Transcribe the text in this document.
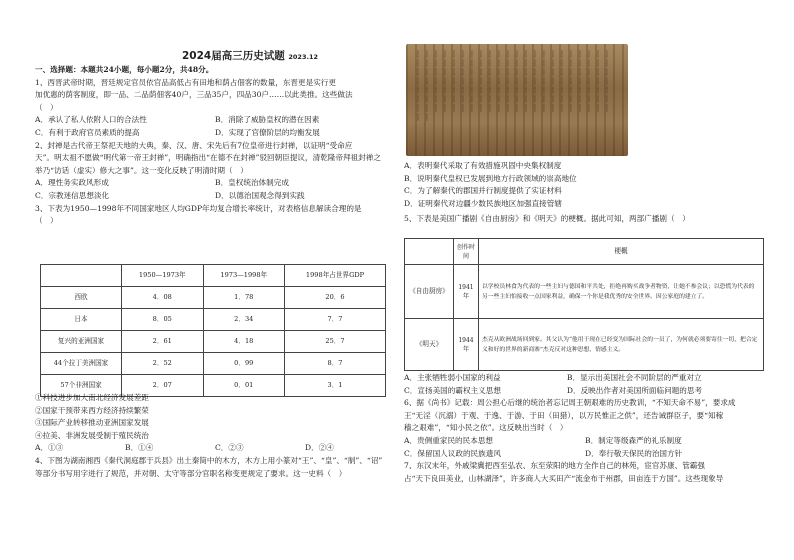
2024届高三历史试题 2023.12
一、选择题：本题共24小题，每小题2分，共48分。
1、西晋武帝时期，晋廷规定官员依官品高低占有田地和荫占佃客的数量，东晋更是实行更
加优惠的荫客制度，即一品、二品荫佃客40户，三品35户，四品30户……以此类推。这些做法
（　）
A．承认了私人依附人口的合法性	B．消除了威胁皇权的潜在因素
C．有利于政府官员素质的提高	D．实现了官僚阶层的均衡发展
2、封禅是古代帝王祭祀天地的大典，秦、汉、唐、宋先后有7位皇帝进行封禅，以证明“受命应
天”。明太祖不愿做“明代第一帝王封禅”，明确指出“在德不在封禅”驳回朝臣提议，清乾隆帝拜祖封禅之
举乃“访话（虚实）修大之事”。这一变化反映了明清时期（　）
A．理性务实政风形成	B．皇权统治体制完成
C．宗教迷信思想淡化	D．以德治国观念得到实践
3、下表为1950—1998年不同国家地区人均GDP年均复合增长率统计，对表格信息解读合理的是
（　）
	1950—1973年	1973—1998年	1998年占世界GDP
西欧	4．08	1．78	20．6
日本	8．05	2．34	7．7
复兴的亚洲国家	2．61	4．18	25．7
44个拉丁美洲国家	2．52	0．99	8．7
57个非洲国家	2．07	0．01	3．1
①科技进步加大南北经济发展差距
②国家干预带来西方经济持续繁荣
③国际产业转移推动亚洲国家发展
④拉美、非洲发展受制于殖民统治
A．①③	B．①④	C．②③	D．②④
4、下图为湖南湘西《秦代洞庭郡于兵县》出土秦简中的木方，木方上用小篆对“王”、“皇”、“制”、“诏”
等部分书写用字进行了规范，并对朝、太守等部分官职名称变更规定了要求。这一史料（　）
丨丨丨丨丨丨丨丨丨丨丨丨丨丨丨丨丨丨丨丨丨丨丨丨丨丨丨丨丨丨丨丨丨丨丨丨丨丨丨丨丨丨丨丨丨丨丨丨丨丨丨丨丨丨丨丨丨丨丨丨丨丨丨丨丨丨丨丨丨丨丨丨丨丨丨丨丨丨丨丨丨丨丨丨丨丨丨丨丨丨丨丨丨丨丨丨丨丨丨丨丨丨丨丨丨丨丨丨丨丨丨丨丨丨丨丨丨丨丨丨丨丨丨丨丨丨丨丨丨丨丨丨丨丨丨丨丨丨丨丨丨丨丨丨丨丨丨丨丨丨丨丨丨丨丨丨
A．表明秦代采取了有效措施巩固中央集权制度
B．说明秦代皇权已发展到地方行政领域的崇高地位
C．为了解秦代的郡国并行制度提供了实证材料
D．证明秦代对边疆少数民族地区加强直接管辖
5、下表是美国广播剧《自由厨房》和《明天》的梗概。据此可知，两部广播剧（　）
	创作时间	梗概
《自由厨房》	1941年	以学校员林食为代表的一些主妇与德国和平共处，拒绝再购买战争者物资，让她不参会议；以恐慌为代表的另一些主妇怕接收一点国家利益，确保一个你是我优秀的安全世界。因公家庭的建立了。
《明天》	1944年	杰克从欧洲战场回到家。其父认为“他用于现在已经变为国际社会的一员了，为何就必须要寄住一切，把合定义和好的世界的新商寨”杰克反对这种思想，情感主义。
A．主张牺牲弱小国家的利益	B．显示出美国社会不同阶层的严重对立
C．宣扬美国的霸权主义思想	D．反映出作者对美国所面临问题的思考
6、据《尚书》记载：周公担心后继的统治者忘记周王朝艰难的历史教训，“不知天命不易”，要求成
王“无淫（沉溺）于观、于逸、于游、于田（田猎），以万民惟正之供”，还告诫群臣子，要“知稼
穑之艰难”，“知小民之依”。这反映出当时（　）
A．贵侧重家民的民本思想	B．制定等级森严的礼乐制度
C．保留国人议政的民族遗风	D．奉行敬天保民的治国方针
7、东汉末年，外戚梁冀把西至弘农、东至荥阳的地方全作自己的林苑，宦官苏康、管霸强
占“天下良田美业，山林湖泽”，许多商人大买田产“流金布于州郡，田亩连于方国”。这些现象导
